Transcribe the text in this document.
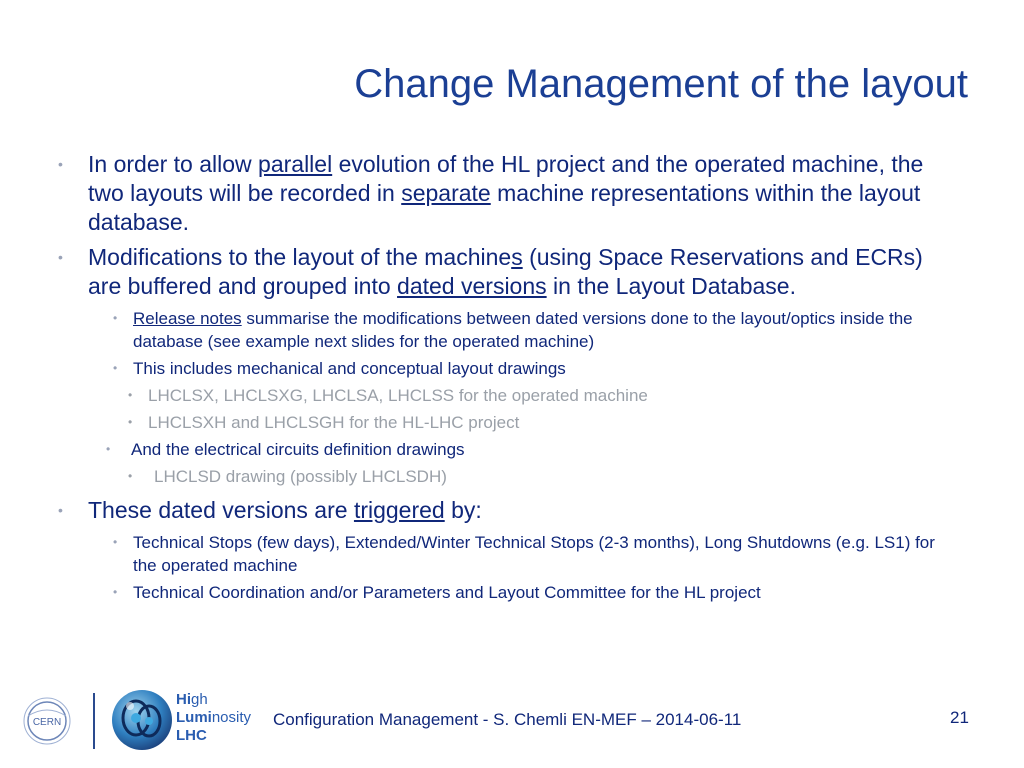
Change Management of the layout

• In order to allow parallel evolution of the HL project and the operated machine, the two layouts will be recorded in separate machine representations within the layout database.

• Modifications to the layout of the machines (using Space Reservations and ECRs) are buffered and grouped into dated versions in the Layout Database.

• Release notes summarise the modifications between dated versions done to the layout/optics inside the database (see example next slides for the operated machine)

• This includes mechanical and conceptual layout drawings

• LHCLSX, LHCLSXG, LHCLSA, LHCLSS for the operated machine

• LHCLSXH and LHCLSGH for the HL-LHC project

• And the electrical circuits definition drawings

• LHCLSD drawing (possibly LHCLSDH)

• These dated versions are triggered by:

• Technical Stops (few days), Extended/Winter Technical Stops (2-3 months), Long Shutdowns (e.g. LS1) for the operated machine

• Technical Coordination and/or Parameters and Layout Committee for the HL project

CERN
High
Luminosity
LHC
Configuration Management - S. Chemli EN-MEF – 2014-06-11	21
